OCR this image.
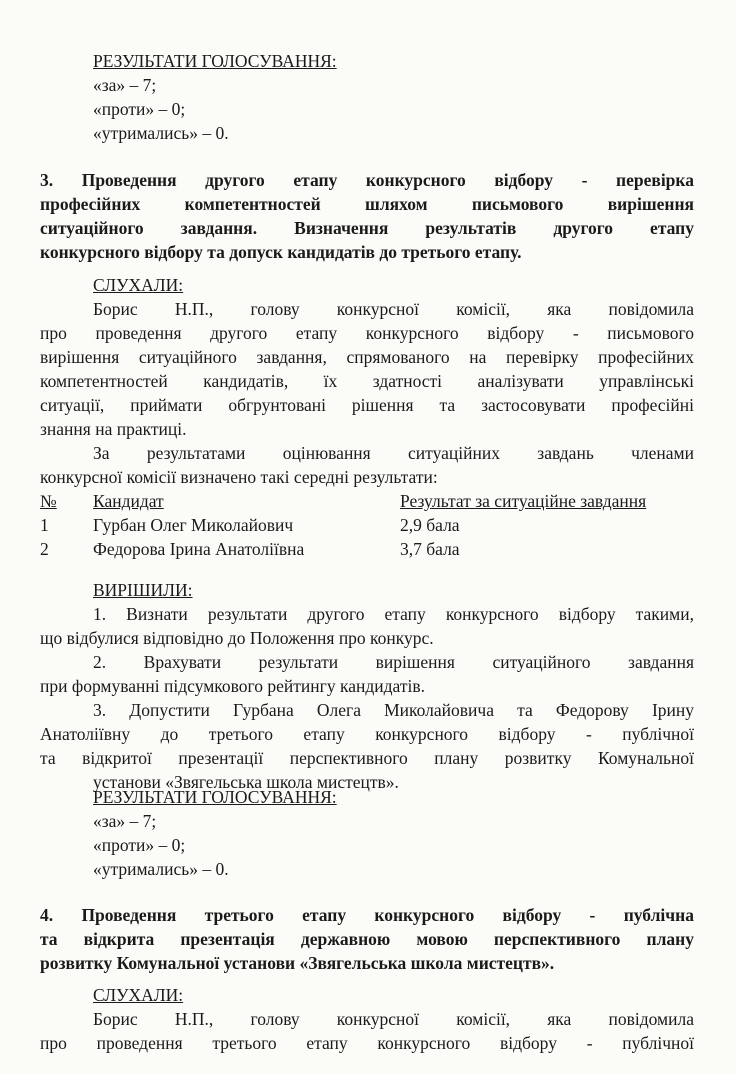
РЕЗУЛЬТАТИ ГОЛОСУВАННЯ:
«за» – 7;
«проти» – 0;
«утримались» – 0.
3. Проведення другого етапу конкурсного відбору - перевірка
професійних компетентностей шляхом письмового вирішення
ситуаційного завдання. Визначення результатів другого етапу
конкурсного відбору та допуск кандидатів до третього етапу.
СЛУХАЛИ:
Борис Н.П., голову конкурсної комісії, яка повідомила
про проведення другого етапу конкурсного відбору - письмового
вирішення ситуаційного завдання, спрямованого на перевірку професійних
компетентностей кандидатів, їх здатності аналізувати управлінські
ситуації, приймати обгрунтовані рішення та застосовувати професійні
знання на практиці.
За результатами оцінювання ситуаційних завдань членами
конкурсної комісії визначено такі середні результати:
№ Кандидат	Результат за ситуаційне завдання
1	Гурбан Олег Миколайович	2,9 бала
2	Федорова Ірина Анатоліївна	3,7 бала
ВИРІШИЛИ:
1. Визнати результати другого етапу конкурсного відбору такими,
що відбулися відповідно до Положення про конкурс.
2. Врахувати результати вирішення ситуаційного завдання
при формуванні підсумкового рейтингу кандидатів.
3. Допустити Гурбана Олега Миколайовича та Федорову Ірину
Анатоліївну до третього етапу конкурсного відбору - публічної
та відкритої презентації перспективного плану розвитку Комунальної
установи «Звягельська школа мистецтв».
РЕЗУЛЬТАТИ ГОЛОСУВАННЯ:
«за» – 7;
«проти» – 0;
«утримались» – 0.
4. Проведення третього етапу конкурсного відбору - публічна
та відкрита презентація державною мовою перспективного плану
розвитку Комунальної установи «Звягельська школа мистецтв».
СЛУХАЛИ:
Борис Н.П., голову конкурсної комісії, яка повідомила
про проведення третього етапу конкурсного відбору - публічної
